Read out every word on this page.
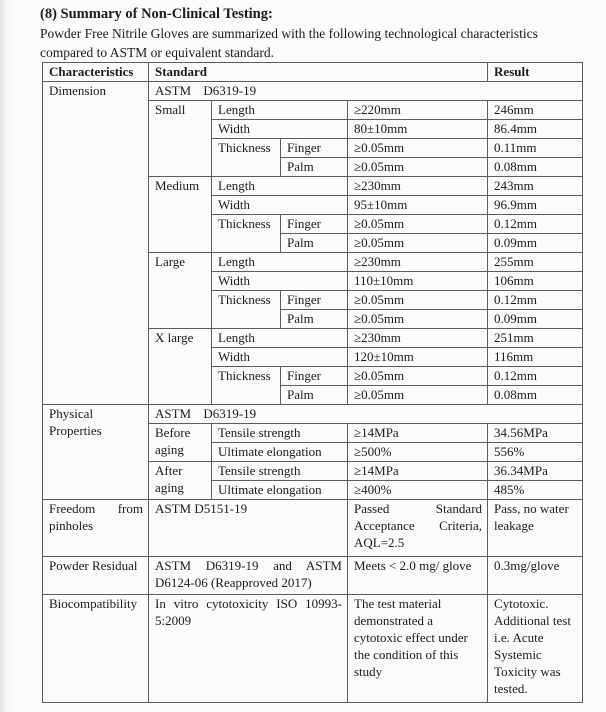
(8) Summary of Non-Clinical Testing:

Powder Free Nitrile Gloves are summarized with the following technological characteristics
compared to ASTM or equivalent standard.

Characteristics	Standard				Result
Dimension	ASTM D6319-19				
	Small	Length		≥220mm	246mm
		Width		80±10mm	86.4mm
		Thickness	Finger	≥0.05mm	0.11mm
			Palm	≥0.05mm	0.08mm
	Medium	Length		≥230mm	243mm
		Width		95±10mm	96.9mm
		Thickness	Finger	≥0.05mm	0.12mm
			Palm	≥0.05mm	0.09mm
	Large	Length		≥230mm	255mm
		Width		110±10mm	106mm
		Thickness	Finger	≥0.05mm	0.12mm
			Palm	≥0.05mm	0.09mm
	X large	Length		≥230mm	251mm
		Width		120±10mm	116mm
		Thickness	Finger	≥0.05mm	0.12mm
			Palm	≥0.05mm	0.08mm
Physical Properties	ASTM D6319-19				
	Before aging	Tensile strength		≥14MPa	34.56MPa
		Ultimate elongation		≥500%	556%
	After aging	Tensile strength		≥14MPa	36.34MPa
		Ultimate elongation		≥400%	485%
Freedom from pinholes	ASTM D5151-19			Passed Standard Acceptance Criteria, AQL=2.5	Pass, no water leakage
Powder Residual	ASTM D6319-19 and ASTM D6124-06 (Reapproved 2017)			Meets < 2.0 mg/ glove	0.3mg/glove
Biocompatibility	In vitro cytotoxicity ISO 10993-5:2009			The test material demonstrated a cytotoxic effect under the condition of this study	Cytotoxic. Additional test i.e. Acute Systemic Toxicity was tested.
